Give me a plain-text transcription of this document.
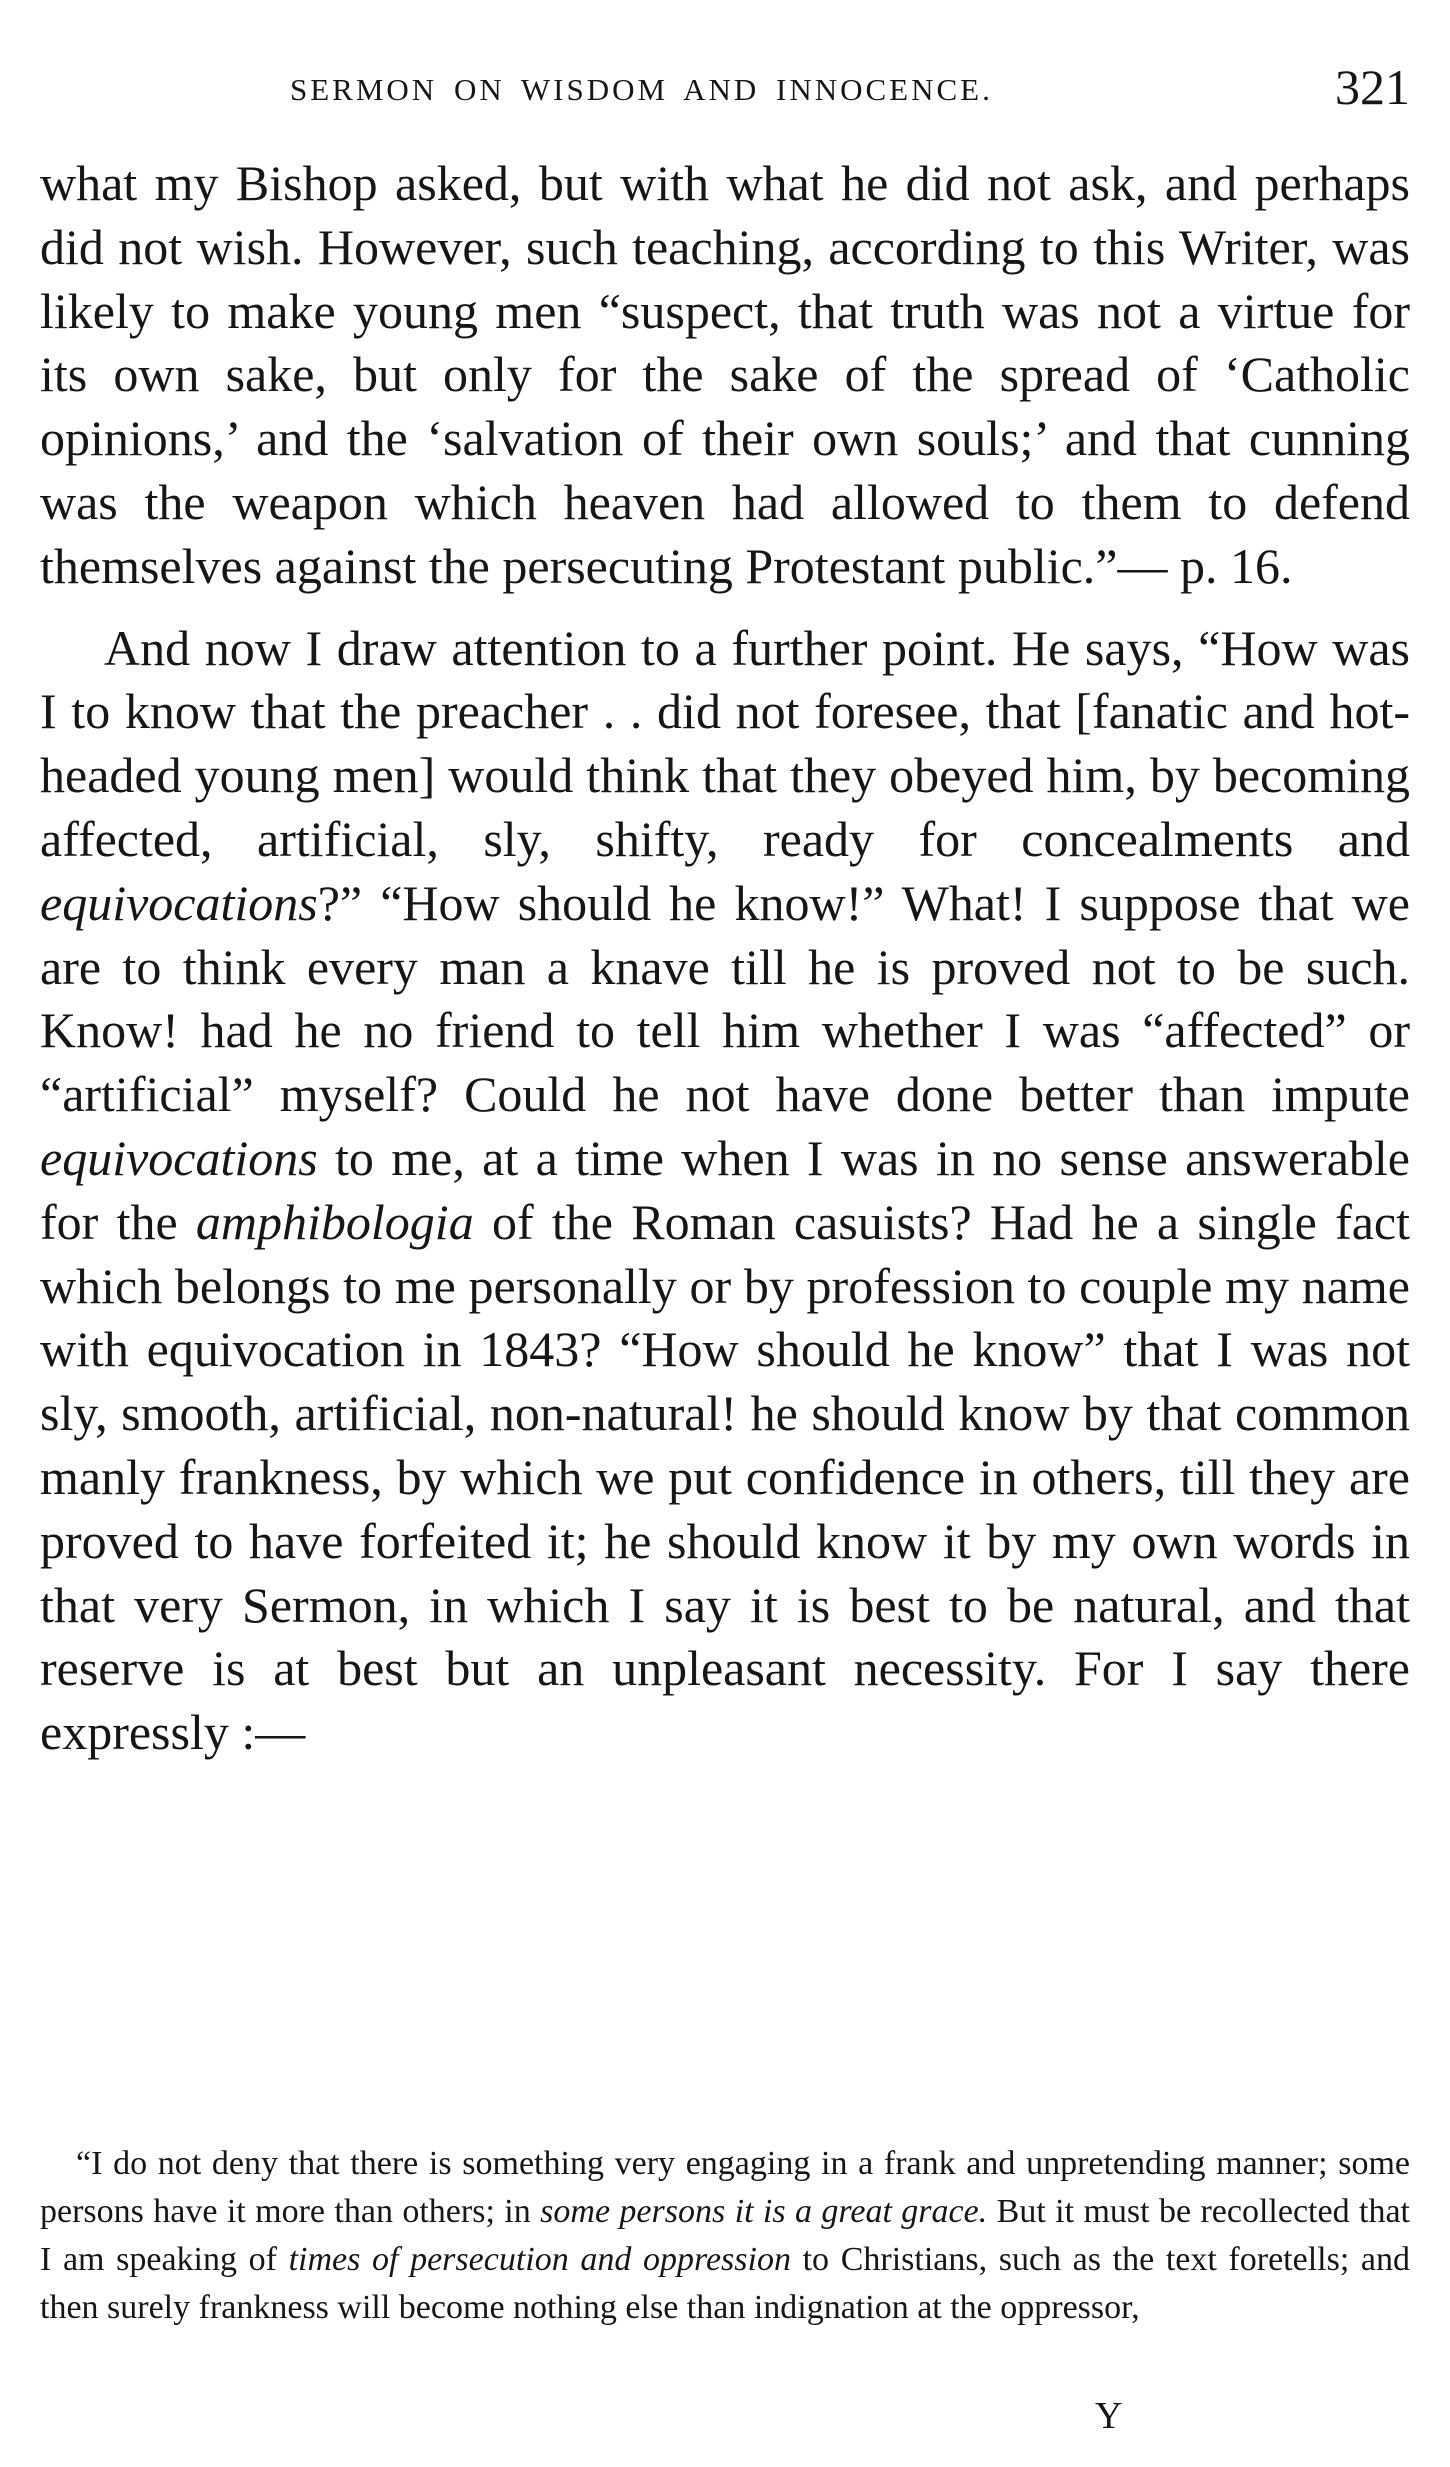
SERMON ON WISDOM AND INNOCENCE.	321

what my Bishop asked, but with what he did not ask, and perhaps did not wish. However, such teaching, according to this Writer, was likely to make young men “suspect, that truth was not a virtue for its own sake, but only for the sake of the spread of ‘Catholic opinions,’ and the ‘salvation of their own souls;’ and that cunning was the weapon which heaven had allowed to them to defend themselves against the persecuting Protestant public.”— p. 16.

And now I draw attention to a further point. He says, “How was I to know that the preacher . . did not foresee, that [fanatic and hot-headed young men] would think that they obeyed him, by becoming affected, artificial, sly, shifty, ready for concealments and equivocations?” “How should he know!” What! I suppose that we are to think every man a knave till he is proved not to be such. Know! had he no friend to tell him whether I was “affected” or “artificial” myself? Could he not have done better than impute equivocations to me, at a time when I was in no sense answerable for the amphibologia of the Roman casuists? Had he a single fact which belongs to me personally or by profession to couple my name with equivocation in 1843? “How should he know” that I was not sly, smooth, artificial, non-natural! he should know by that common manly frankness, by which we put confidence in others, till they are proved to have forfeited it; he should know it by my own words in that very Sermon, in which I say it is best to be natural, and that reserve is at best but an unpleasant necessity. For I say there expressly :—

“I do not deny that there is something very engaging in a frank and unpretending manner; some persons have it more than others; in some persons it is a great grace. But it must be recollected that I am speaking of times of persecution and oppression to Christians, such as the text foretells; and then surely frankness will become nothing else than indignation at the oppressor,

Y
